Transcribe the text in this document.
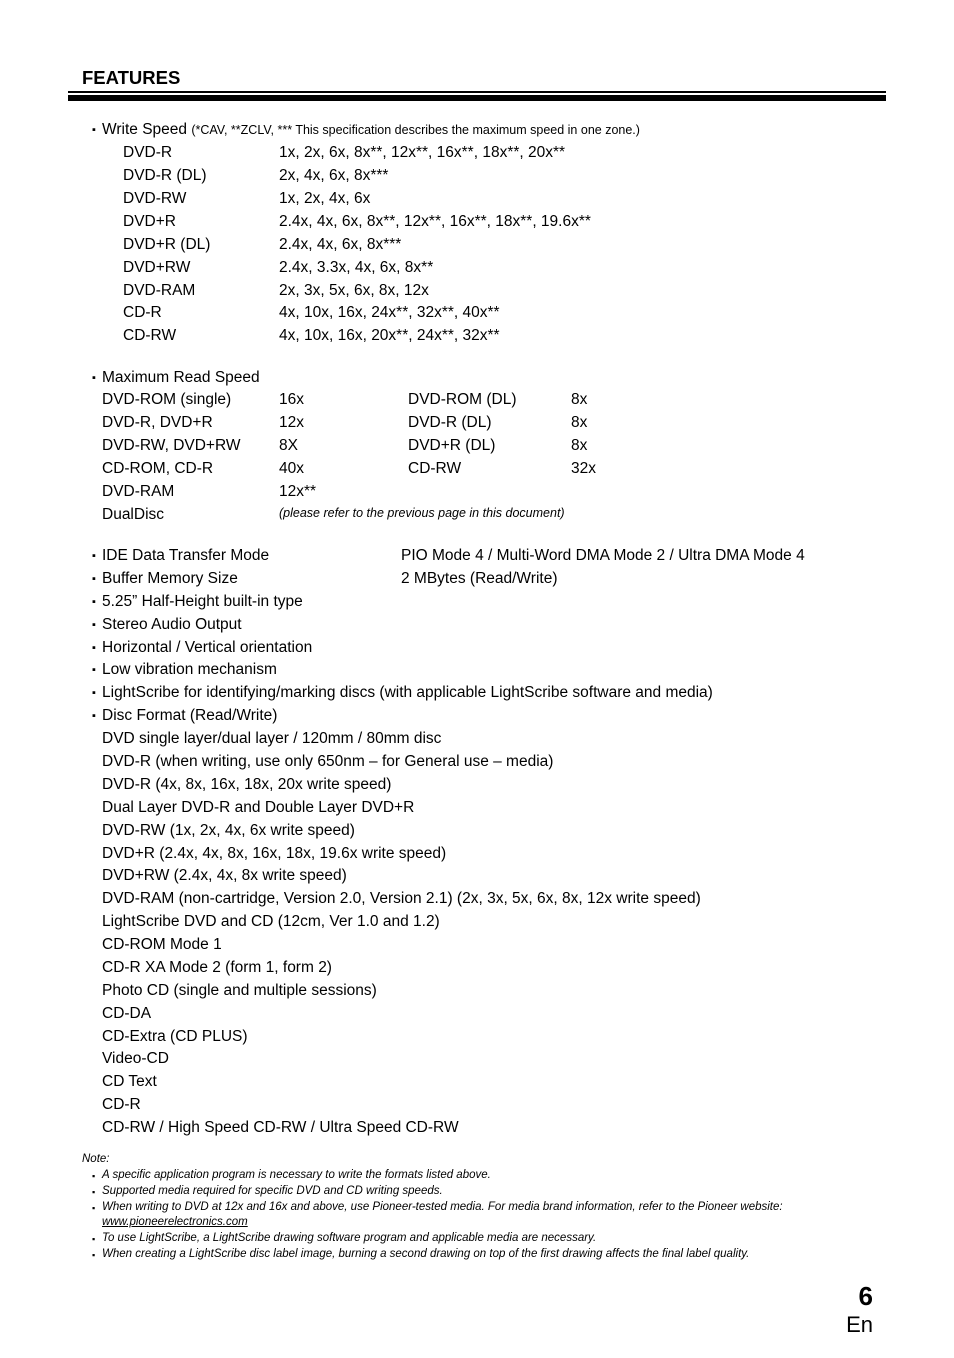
FEATURES
▪ Write Speed (*CAV, **ZCLV, *** This specification describes the maximum speed in one zone.)
DVD-R	1x, 2x, 6x, 8x**, 12x**, 16x**, 18x**, 20x**
DVD-R (DL)	2x, 4x, 6x, 8x***
DVD-RW	1x, 2x, 4x, 6x
DVD+R	2.4x, 4x, 6x, 8x**, 12x**, 16x**, 18x**, 19.6x**
DVD+R (DL)	2.4x, 4x, 6x, 8x***
DVD+RW	2.4x, 3.3x, 4x, 6x, 8x**
DVD-RAM	2x, 3x, 5x, 6x, 8x, 12x
CD-R	4x, 10x, 16x, 24x**, 32x**, 40x**
CD-RW	4x, 10x, 16x, 20x**, 24x**, 32x**
▪ Maximum Read Speed
DVD-ROM (single)	16x	DVD-ROM (DL)	8x
DVD-R, DVD+R	12x	DVD-R (DL)	8x
DVD-RW, DVD+RW 8X	DVD+R (DL)	8x
CD-ROM, CD-R	40x	CD-RW	32x
DVD-RAM	12x**
DualDisc	(please refer to the previous page in this document)
▪ IDE Data Transfer Mode	PIO Mode 4 / Multi-Word DMA Mode 2 / Ultra DMA Mode 4
▪ Buffer Memory Size	2 MBytes (Read/Write)
▪ 5.25” Half-Height built-in type
▪ Stereo Audio Output
▪ Horizontal / Vertical orientation
▪ Low vibration mechanism
▪ LightScribe for identifying/marking discs (with applicable LightScribe software and media)
▪ Disc Format (Read/Write)
DVD single layer/dual layer / 120mm / 80mm disc
DVD-R (when writing, use only 650nm – for General use – media)
DVD-R (4x, 8x, 16x, 18x, 20x write speed)
Dual Layer DVD-R and Double Layer DVD+R
DVD-RW (1x, 2x, 4x, 6x write speed)
DVD+R (2.4x, 4x, 8x, 16x, 18x, 19.6x write speed)
DVD+RW (2.4x, 4x, 8x write speed)
DVD-RAM (non-cartridge, Version 2.0, Version 2.1) (2x, 3x, 5x, 6x, 8x, 12x write speed)
LightScribe DVD and CD (12cm, Ver 1.0 and 1.2)
CD-ROM Mode 1
CD-R XA Mode 2 (form 1, form 2)
Photo CD (single and multiple sessions)
CD-DA
CD-Extra (CD PLUS)
Video-CD
CD Text
CD-R
CD-RW / High Speed CD-RW / Ultra Speed CD-RW
Note:
▪ A specific application program is necessary to write the formats listed above.
▪ Supported media required for specific DVD and CD writing speeds.
▪ When writing to DVD at 12x and 16x and above, use Pioneer-tested media. For media brand information, refer to the Pioneer website:
www.pioneerelectronics.com
▪ To use LightScribe, a LightScribe drawing software program and applicable media are necessary.
▪ When creating a LightScribe disc label image, burning a second drawing on top of the first drawing affects the final label quality.
6
En
